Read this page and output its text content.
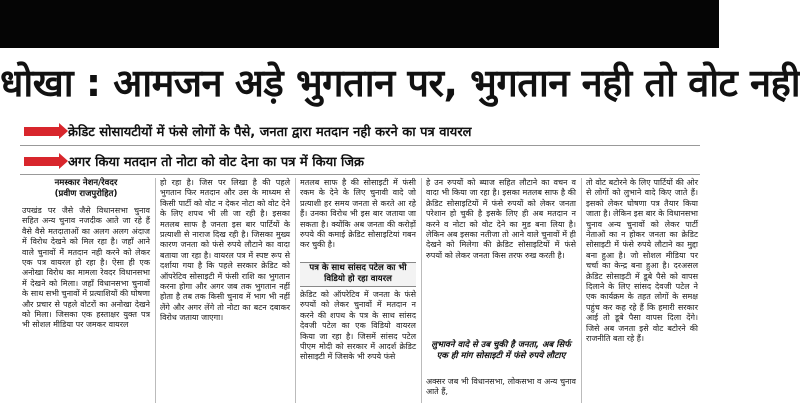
धोखा : आमजन अड़े भुगतान पर, भुगतान नही तो वोट नही
क्रेडिट सोसायटीयों में फंसे लोगों के पैसे, जनता द्वारा मतदान नही करने का पत्र वायरल
अगर किया मतदान तो नोटा को वोट देना का पत्र में किया जिक्र
नमस्कार नेशन/रेवदर
(प्रवीण राजपुरोहित)

उपखंड पर जैसे जैसे विधानसभा चुनाव सहित अन्य चुनाव नजदीक आते जा रहे हैं वैसे वैसे मतदाताओं का अलग अलग अंदाज में विरोध देखने को मिल रहा है। जहाँ आने वाले चुनावों में मतदान नही करने को लेकर एक पत्र वायरल हो रहा है। ऐसा ही एक अनोखा विरोध का मामला रेवदर विधानसभा में देखने को मिला। जहाँ विधानसभा चुनावों के साथ सभी चुनावों में प्रत्याशियों की घोषणा और प्रचार से पहले वोटरों का अनोखा देखने को मिला। जिसका एक हस्ताक्षर युक्त पत्र भी सोशल मीडिया पर जमकर वायरल

हो रहा है। जिस पर लिखा है की पहले भुगतान फिर मतदान और उस के माध्यम से किसी पार्टी को वोट न देकर नोटा को वोट देने के लिए शपथ भी ली जा रही है। इसका मतलब साफ है जनता इस बार पार्टियों के प्रत्याशी से नाराज दिख रही है। जिसका मुख्य कारण जनता को फंसे रुपये लौटाने का वादा बताया जा रहा है। वायरल पत्र में स्पष्ट रूप से दर्शाया गया है कि पहले सरकार क्रेडिट को ऑपरेटिव सोसाइटी में फंसी राशि का भुगतान करना होगा और अगर जब तक भुगतान नहीं होता है तब तक किसी चुनाव में भाग भी नहीं लेंगे और अगर लेंगे तो नोटा का बटन दबाकर विरोध जताया जाएगा।

मतलब साफ है की सोसाइटी में फंसी रकम के देने के लिए चुनावी वादे जो प्रत्याशी हर समय जनता से करते आ रहे हैं। उनका विरोध भी इस बार जताया जा सकता है। क्योंकि अब जनता की करोड़ों रुपये की कमाई क्रेडिट सोसाइटियां गबन कर चुकी है।

पत्र के साथ सांसद पटेल का भी विडियो हो रहा वायरल

क्रेडिट को ऑपरेटिव में जनता के फंसे रुपयों को लेकर चुनावों में मतदान न करने की शपथ के पत्र के साथ सांसद देवजी पटेल का एक विडियो वायरल किया जा रहा है। जिसमें सांसद पटेल पीएम मोदी को सरकार में आदर्श क्रेडिट सोसाइटी में जिसके भी रुपये फंसे

हे उन रुपयों को ब्याज सहित लौटाने का वचन व वादा भी किया जा रहा है। इसका मतलब साफ है की क्रेडिट सोसाइटियों में फंसे रुपयों को लेकर जनता परेशान हो चुकी है इसके लिए ही अब मतदान न करने व नोटा को वोट देने का मुड बना लिया है। लेकिन अब इसका नतीजा तो आने वाले चुनावों में ही देखने को मिलेगा की क्रेडिट सोसाइटियों में फंसे रुपयों को लेकर जनता किस तरफ रुख करती है।

लुभावने वादे से उब चुकी है जनता, अब सिर्फ एक ही मांग सोसाइटी में फंसे रुपये लौटाए

अक्सर जब भी विधानसभा, लोकसभा व अन्य चुनाव आते हैं,

तो वोट बटोरने के लिए पार्टियों की ओर से लोगों को लुभाने वादे किए जाते हैं। इसको लेकर घोषणा पत्र तैयार किया जाता है। लेकिन इस बार के विधानसभा चुनाव अन्य चुनावों को लेकर पार्टी नेताओं का न होकर जनता का क्रेडिट सोसाइटी में फंसे रुपये लौटाने का मुद्दा बना हुआ है। जो सोशल मीडिया पर चर्चा का केन्द्र बना हुआ है। दरअसल क्रेडिट सोसाइटी में डूबे पैसे को वापस दिलाने के लिए सांसद देवजी पटेल ने एक कार्यक्रम के तहत लोगों के समक्ष पहुंच कर कह रहे हैं कि हमारी सरकार आई तो डूबे पैसा वापस दिला देंगे। जिसे अब जनता इसे वोट बटोरने की राजनीति बता रहे हैं।
